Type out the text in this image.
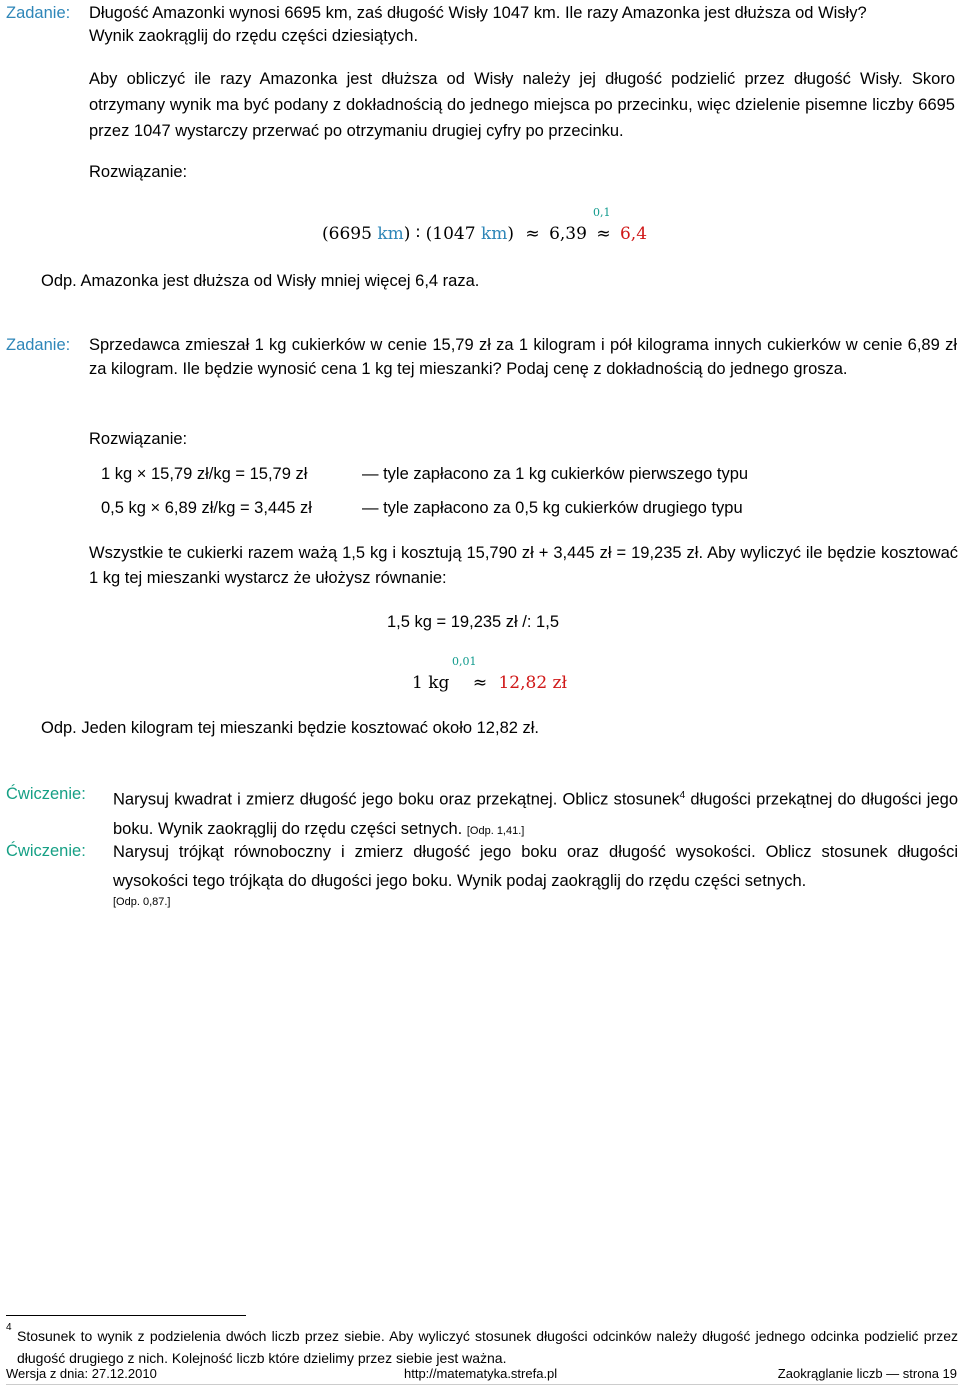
Zadanie: Długość Amazonki wynosi 6695 km, zaś długość Wisły 1047 km. Ile razy Amazonka jest dłuższa od Wisły?
Wynik zaokrąglij do rzędu części dziesiątych.
Aby obliczyć ile razy Amazonka jest dłuższa od Wisły należy jej długość podzielić przez długość Wisły. Skoro otrzymany wynik ma być podany z dokładnością do jednego miejsca po przecinku, więc dzielenie pisemne liczby 6695 przez 1047 wystarczy przerwać po otrzymaniu drugiej cyfry po przecinku.
Rozwiązanie:
(6695 km) ∶ (1047 km) ≈ 6,39 ≈ 6,4
0,1
Odp. Amazonka jest dłuższa od Wisły mniej więcej 6,4 raza.
Zadanie: Sprzedawca zmieszał 1 kg cukierków w cenie 15,79 zł za 1 kilogram i pół kilograma innych cukierków w cenie 6,89 zł za kilogram. Ile będzie wynosić cena 1 kg tej mieszanki? Podaj cenę z dokładnością do jednego grosza.
Rozwiązanie:
1 kg × 15,79 zł/kg = 15,79 zł	— tyle zapłacono za 1 kg cukierków pierwszego typu
0,5 kg × 6,89 zł/kg = 3,445 zł	— tyle zapłacono za 0,5 kg cukierków drugiego typu
Wszystkie te cukierki razem ważą 1,5 kg i kosztują 15,790 zł + 3,445 zł = 19,235 zł. Aby wyliczyć ile będzie kosztować 1 kg tej mieszanki wystarcz że ułożysz równanie:
1,5 kg = 19,235 zł /: 1,5
1 kg ≈ 12,82 zł
0,01
Odp. Jeden kilogram tej mieszanki będzie kosztować około 12,82 zł.
Ćwiczenie: Narysuj kwadrat i zmierz długość jego boku oraz przekątnej. Oblicz stosunek$^4$ długości przekątnej do długości jego boku. Wynik zaokrąglij do rzędu części setnych. [Odp. 1,41.]
Ćwiczenie: Narysuj trójkąt równoboczny i zmierz długość jego boku oraz długość wysokości. Oblicz stosunek długości wysokości tego trójkąta do długości jego boku. Wynik podaj zaokrąglij do rzędu części setnych.
[Odp. 0,87.]
4
Stosunek to wynik z podzielenia dwóch liczb przez siebie. Aby wyliczyć stosunek długości odcinków należy długość jednego odcinka podzielić przez długość drugiego z nich. Kolejność liczb które dzielimy przez siebie jest ważna.
Wersja z dnia: 27.12.2010	http://matematyka.strefa.pl	Zaokrąglanie liczb — strona 19
